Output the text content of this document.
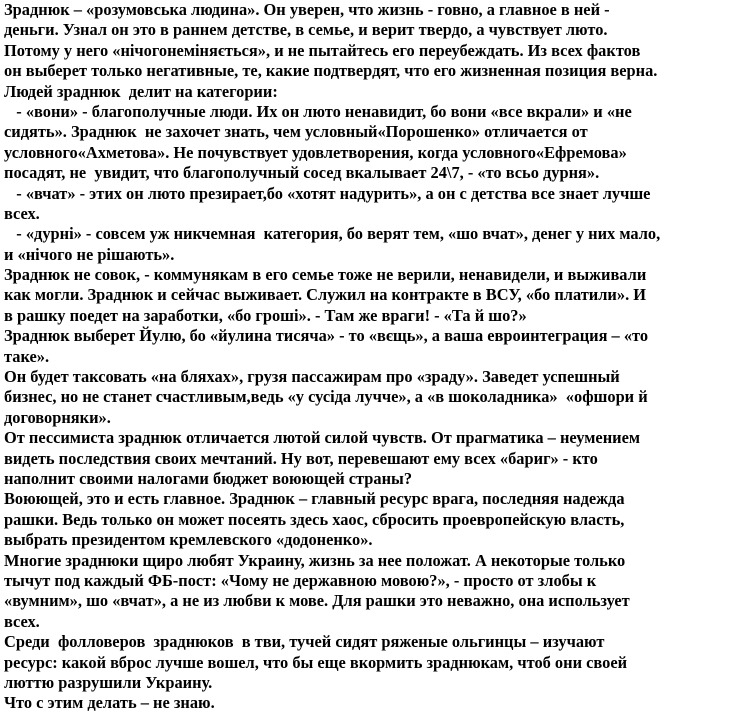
Зраднюк – «розумовська людина». Он уверен, что жизнь - говно, а главное в ней -
деньги. Узнал он это в раннем детстве, в семье, и верит твердо, а чувствует люто.
Потому у него «нічогонеміняється», и не пытайтесь его переубеждать. Из всех фактов
он выберет только негативные, те, какие подтвердят, что его жизненная позиция верна.
Людей зраднюк  делит на категории:
- «вони» - благополучные люди. Их он люто ненавидит, бо вони «все вкрали» и «не
сидять». Зраднюк  не захочет знать, чем условный«Порошенко» отличается от
условного«Ахметова». Не почувствует удовлетворения, когда условного«Ефремова»
посадят, не  увидит, что благополучный сосед вкалывает 24\7, - «то всьо дурня».
- «вчат» - этих он люто презирает,бо «хотят надурить», а он с детства все знает лучше
всех.
- «дурні» - совсем уж никчемная  категория, бо верят тем, «шо вчат», денег у них мало,
и «нічого не рішають».
Зраднюк не совок, - коммунякам в его семье тоже не верили, ненавидели, и выживали
как могли. Зраднюк и сейчас выживает. Служил на контракте в ВСУ, «бо платили». И
в рашку поедет на заработки, «бо гроші». - Там же враги! - «Та й шо?»
Зраднюк выберет Йулю, бо «йулина тисяча» - то «вєщь», а ваша евроинтеграция – «то
таке».
Он будет таксовать «на бляхах», грузя пассажирам про «зраду». Заведет успешный
бизнес, но не станет счастливым,ведь «у сусіда лучче», а «в шоколадника»  «офшори й
договорняки».
От пессимиста зраднюк отличается лютой силой чувств. От прагматика – неумением
видеть последствия своих мечтаний. Ну вот, перевешают ему всех «бариг» - кто
наполнит своими налогами бюджет воюющей страны?
Воюющей, это и есть главное. Зраднюк – главный ресурс врага, последняя надежда
рашки. Ведь только он может посеять здесь хаос, сбросить проевропейскую власть,
выбрать президентом кремлевского «додоненко».
Многие зраднюки щиро любят Украину, жизнь за нее положат. А некоторые только
тычут под каждый ФБ-пост: «Чому не державною мовою?», - просто от злобы к
«вумним», шо «вчат», а не из любви к мове. Для рашки это неважно, она использует
всех.
Среди  фолловеров  зраднюков  в тви, тучей сидят ряженые ольгинцы – изучают
ресурс: какой вброс лучше вошел, что бы еще вкормить зраднюкам, чтоб они своей
люттю разрушили Украину.
Что с этим делать – не знаю.
